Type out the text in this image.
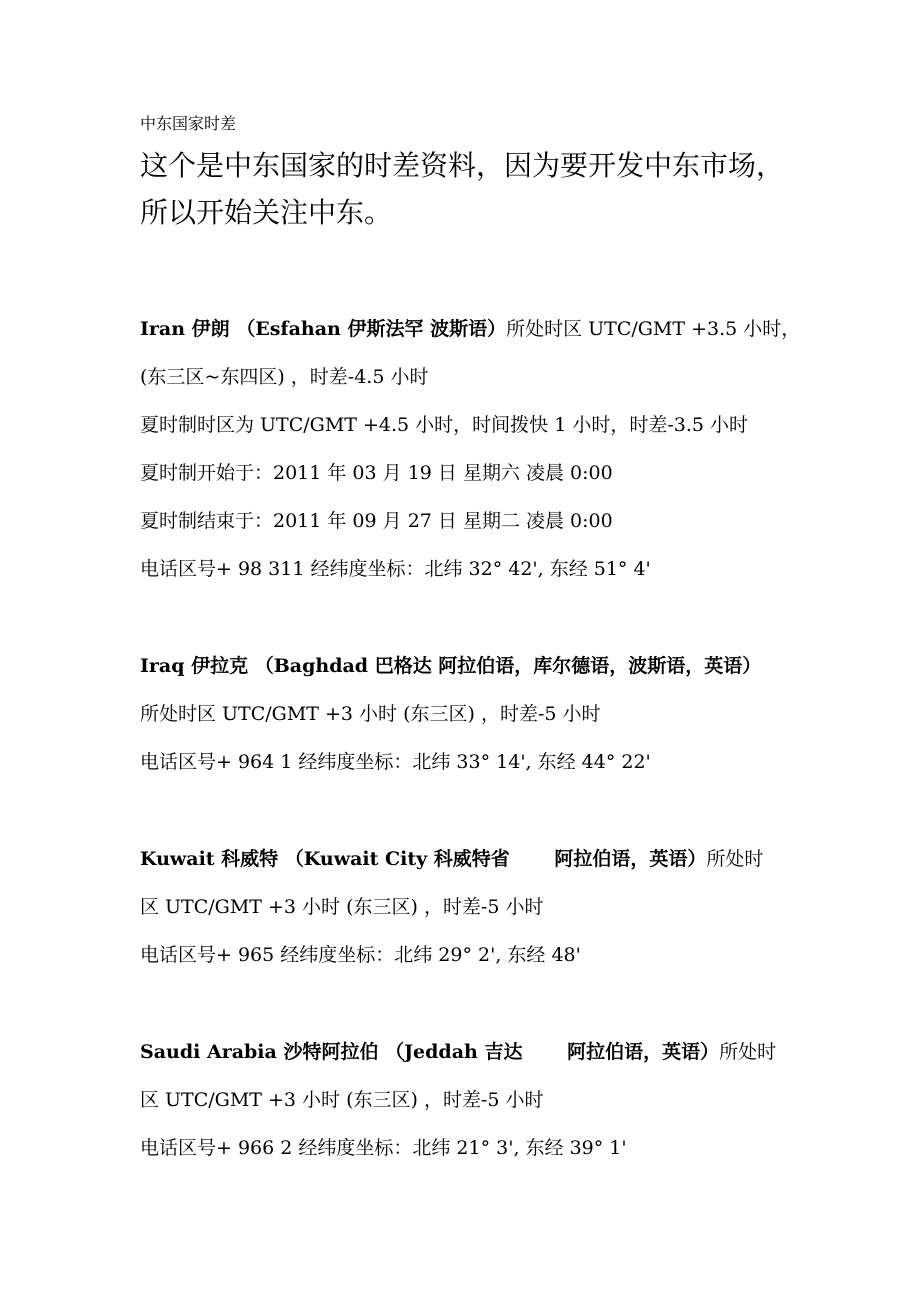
中东国家时差
这个是中东国家的时差资料，因为要开发中东市场，
所以开始关注中东。
Iran 伊朗 （Esfahan 伊斯法罕 波斯语）所处时区 UTC/GMT +3.5 小时，
(东三区~东四区) ，时差-4.5 小时
夏时制时区为 UTC/GMT +4.5 小时，时间拨快 1 小时，时差-3.5 小时
夏时制开始于：2011 年 03 月 19 日 星期六 凌晨 0:00
夏时制结束于：2011 年 09 月 27 日 星期二 凌晨 0:00
电话区号+ 98 311 经纬度坐标：北纬 32° 42', 东经 51° 4'
Iraq 伊拉克 （Baghdad 巴格达 阿拉伯语，库尔德语，波斯语，英语）
所处时区 UTC/GMT +3 小时 (东三区) ，时差-5 小时
电话区号+ 964 1 经纬度坐标：北纬 33° 14', 东经 44° 22'
Kuwait 科威特 （Kuwait City 科威特省　　 阿拉伯语，英语）所处时
区 UTC/GMT +3 小时 (东三区) ，时差-5 小时
电话区号+ 965 经纬度坐标：北纬 29° 2', 东经 48'
Saudi Arabia 沙特阿拉伯 （Jeddah 吉达　　 阿拉伯语，英语）所处时
区 UTC/GMT +3 小时 (东三区) ，时差-5 小时
电话区号+ 966 2 经纬度坐标：北纬 21° 3', 东经 39° 1'
